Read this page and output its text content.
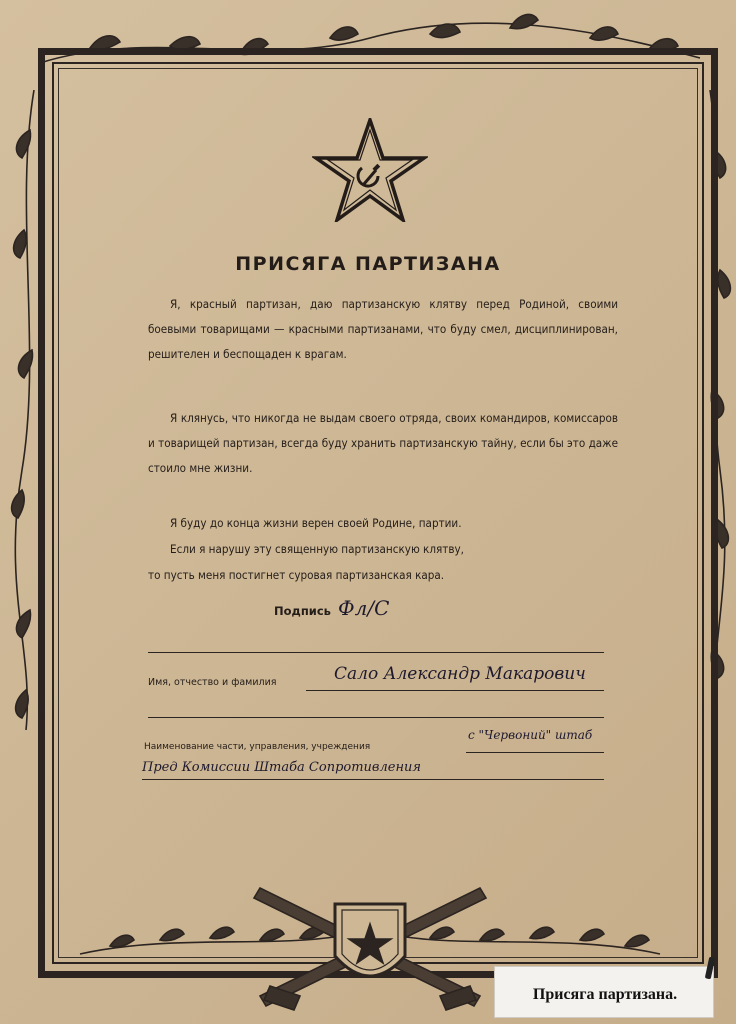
ПРИСЯГА ПАРТИЗАНА
Я, красный партизан, даю партизанскую клятву перед Родиной, своими боевыми товарищами — красными партизанами, что буду смел, дисциплинирован, решителен и беспощаден к врагам.
Я клянусь, что никогда не выдам своего отряда, своих командиров, комиссаров и товарищей партизан, всегда буду хранить партизанскую тайну, если бы это даже стоило мне жизни.
Я буду до конца жизни верен своей Родине, партии.
Если я нарушу эту священную партизанскую клятву,
то пусть меня постигнет суровая партизанская кара.
Подпись Фл/С
Имя, отчество и фамилия	Сало Александр Макарович
Наименование части, управления, учреждения
с "Червоний" штаб
Пред Комиссии Штаба Сопротивления
Присяга партизана.
